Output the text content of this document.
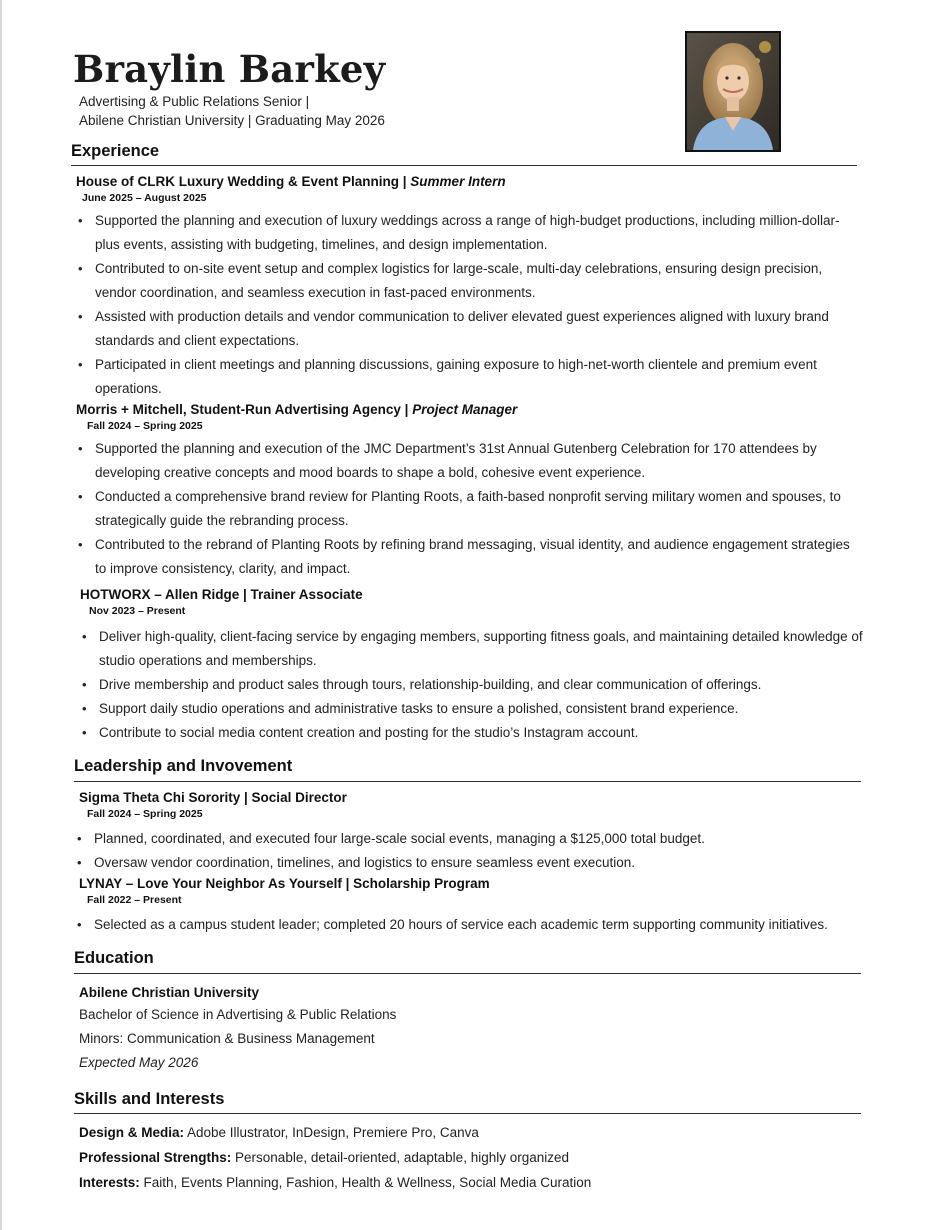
Braylin Barkey
Advertising & Public Relations Senior |
Abilene Christian University | Graduating May 2026
Experience
House of CLRK Luxury Wedding & Event Planning | Summer Intern
June 2025 – August 2025
• Supported the planning and execution of luxury weddings across a range of high-budget productions, including million-dollar-plus events, assisting with budgeting, timelines, and design implementation.
• Contributed to on-site event setup and complex logistics for large-scale, multi-day celebrations, ensuring design precision, vendor coordination, and seamless execution in fast-paced environments.
• Assisted with production details and vendor communication to deliver elevated guest experiences aligned with luxury brand standards and client expectations.
• Participated in client meetings and planning discussions, gaining exposure to high-net-worth clientele and premium event operations.
Morris + Mitchell, Student-Run Advertising Agency | Project Manager
Fall 2024 – Spring 2025
• Supported the planning and execution of the JMC Department’s 31st Annual Gutenberg Celebration for 170 attendees by developing creative concepts and mood boards to shape a bold, cohesive event experience.
• Conducted a comprehensive brand review for Planting Roots, a faith-based nonprofit serving military women and spouses, to strategically guide the rebranding process.
• Contributed to the rebrand of Planting Roots by refining brand messaging, visual identity, and audience engagement strategies to improve consistency, clarity, and impact.
HOTWORX – Allen Ridge | Trainer Associate
Nov 2023 – Present
• Deliver high-quality, client-facing service by engaging members, supporting fitness goals, and maintaining detailed knowledge of studio operations and memberships.
• Drive membership and product sales through tours, relationship-building, and clear communication of offerings.
• Support daily studio operations and administrative tasks to ensure a polished, consistent brand experience.
• Contribute to social media content creation and posting for the studio’s Instagram account.
Leadership and Invovement
Sigma Theta Chi Sorority | Social Director
Fall 2024 – Spring 2025
• Planned, coordinated, and executed four large-scale social events, managing a $125,000 total budget.
• Oversaw vendor coordination, timelines, and logistics to ensure seamless event execution.
LYNAY – Love Your Neighbor As Yourself | Scholarship Program
Fall 2022 – Present
• Selected as a campus student leader; completed 20 hours of service each academic term supporting community initiatives.
Education
Abilene Christian University
Bachelor of Science in Advertising & Public Relations
Minors: Communication & Business Management
Expected May 2026
Skills and Interests
Design & Media: Adobe Illustrator, InDesign, Premiere Pro, Canva
Professional Strengths: Personable, detail-oriented, adaptable, highly organized
Interests: Faith, Events Planning, Fashion, Health & Wellness, Social Media Curation
